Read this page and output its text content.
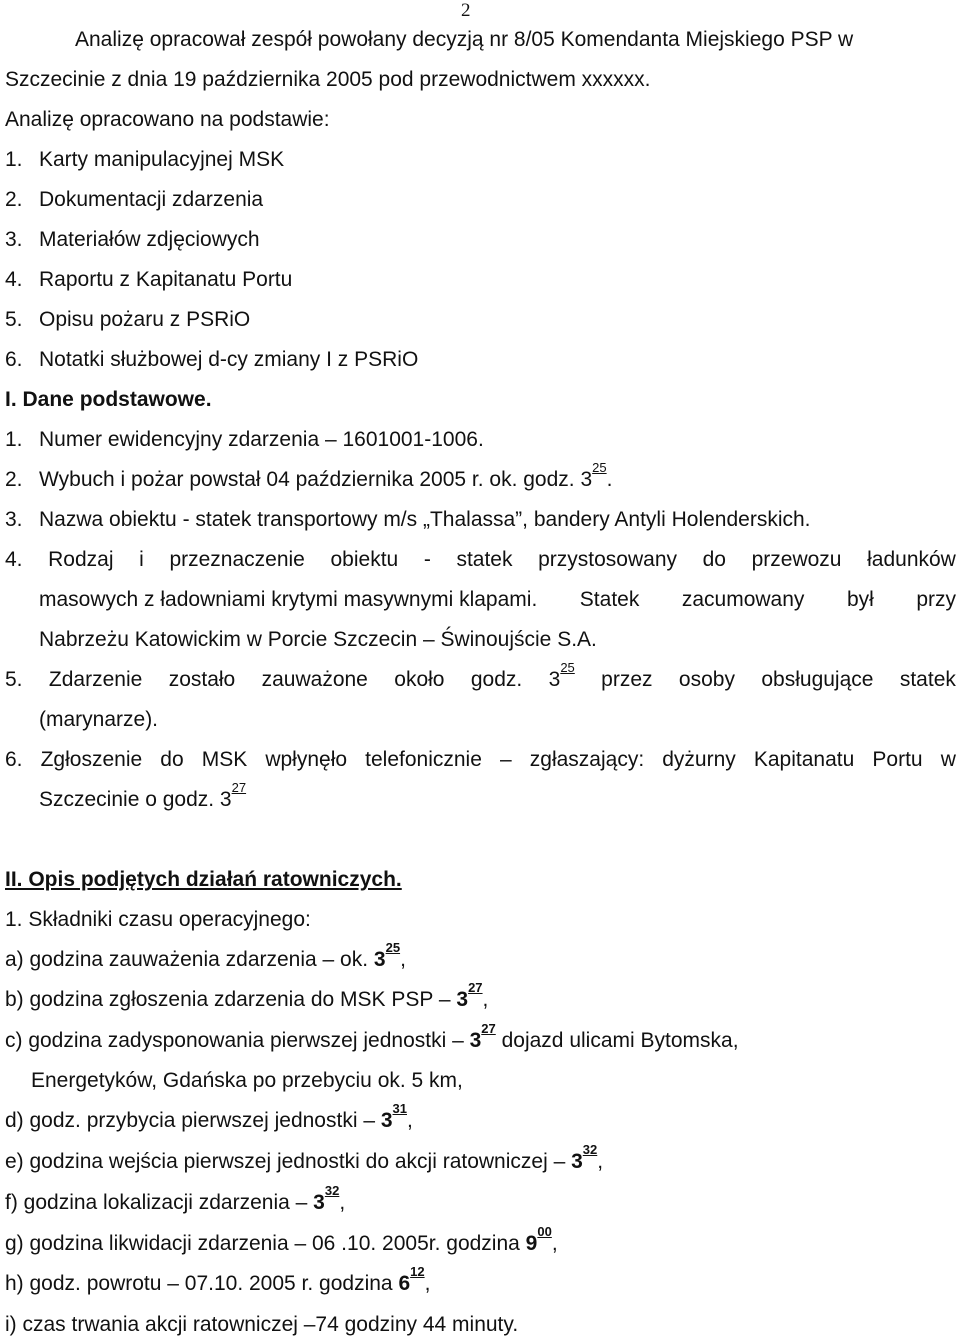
2
Analizę opracował zespół powołany decyzją nr 8/05 Komendanta Miejskiego PSP w
Szczecinie z dnia 19 października 2005 pod przewodnictwem xxxxxx.
Analizę opracowano na podstawie:
1. Karty manipulacyjnej MSK
2. Dokumentacji zdarzenia
3. Materiałów zdjęciowych
4. Raportu z Kapitanatu Portu
5. Opisu pożaru z PSRiO
6. Notatki służbowej d-cy zmiany I z PSRiO
I. Dane podstawowe.
1. Numer ewidencyjny zdarzenia – 1601001-1006.
2. Wybuch i pożar powstał 04 października 2005 r. ok. godz. $3^{25}$.
3. Nazwa obiektu - statek transportowy m/s „Thalassa”, bandery Antyli Holenderskich.
4. Rodzaj i przeznaczenie obiektu - statek przystosowany do przewozu ładunków
masowych z ładowniami krytymi masywnymi klapami. Statek zacumowany był przy
Nabrzeżu Katowickim w Porcie Szczecin – Świnoujście S.A.
5. Zdarzenie zostało zauważone około godz. $3^{25}$
przez osoby obsługujące statek
(marynarze).
6. Zgłoszenie do MSK wpłynęło telefonicznie – zgłaszający: dyżurny Kapitanatu Portu w
Szczecinie o godz. $3^{27}$
II. Opis podjętych działań ratowniczych.
1. Składniki czasu operacyjnego:
a) godzina zauważenia zdarzenia – ok. $3^{25}$,
b) godzina zgłoszenia zdarzenia do MSK PSP – $3^{27}$,
c) godzina zadysponowania pierwszej jednostki – $3^{27}$ dojazd ulicami Bytomska,
Energetyków, Gdańska po przebyciu ok. 5 km,
d) godz. przybycia pierwszej jednostki – $3^{31}$,
e) godzina wejścia pierwszej jednostki do akcji ratowniczej – $3^{32}$,
f) godzina lokalizacji zdarzenia – $3^{32}$,
g) godzina likwidacji zdarzenia – 06 .10. 2005r. godzina $9^{00}$,
h) godz. powrotu – 07.10. 2005 r. godzina $6^{12}$,
i) czas trwania akcji ratowniczej –74 godziny 44 minuty.
